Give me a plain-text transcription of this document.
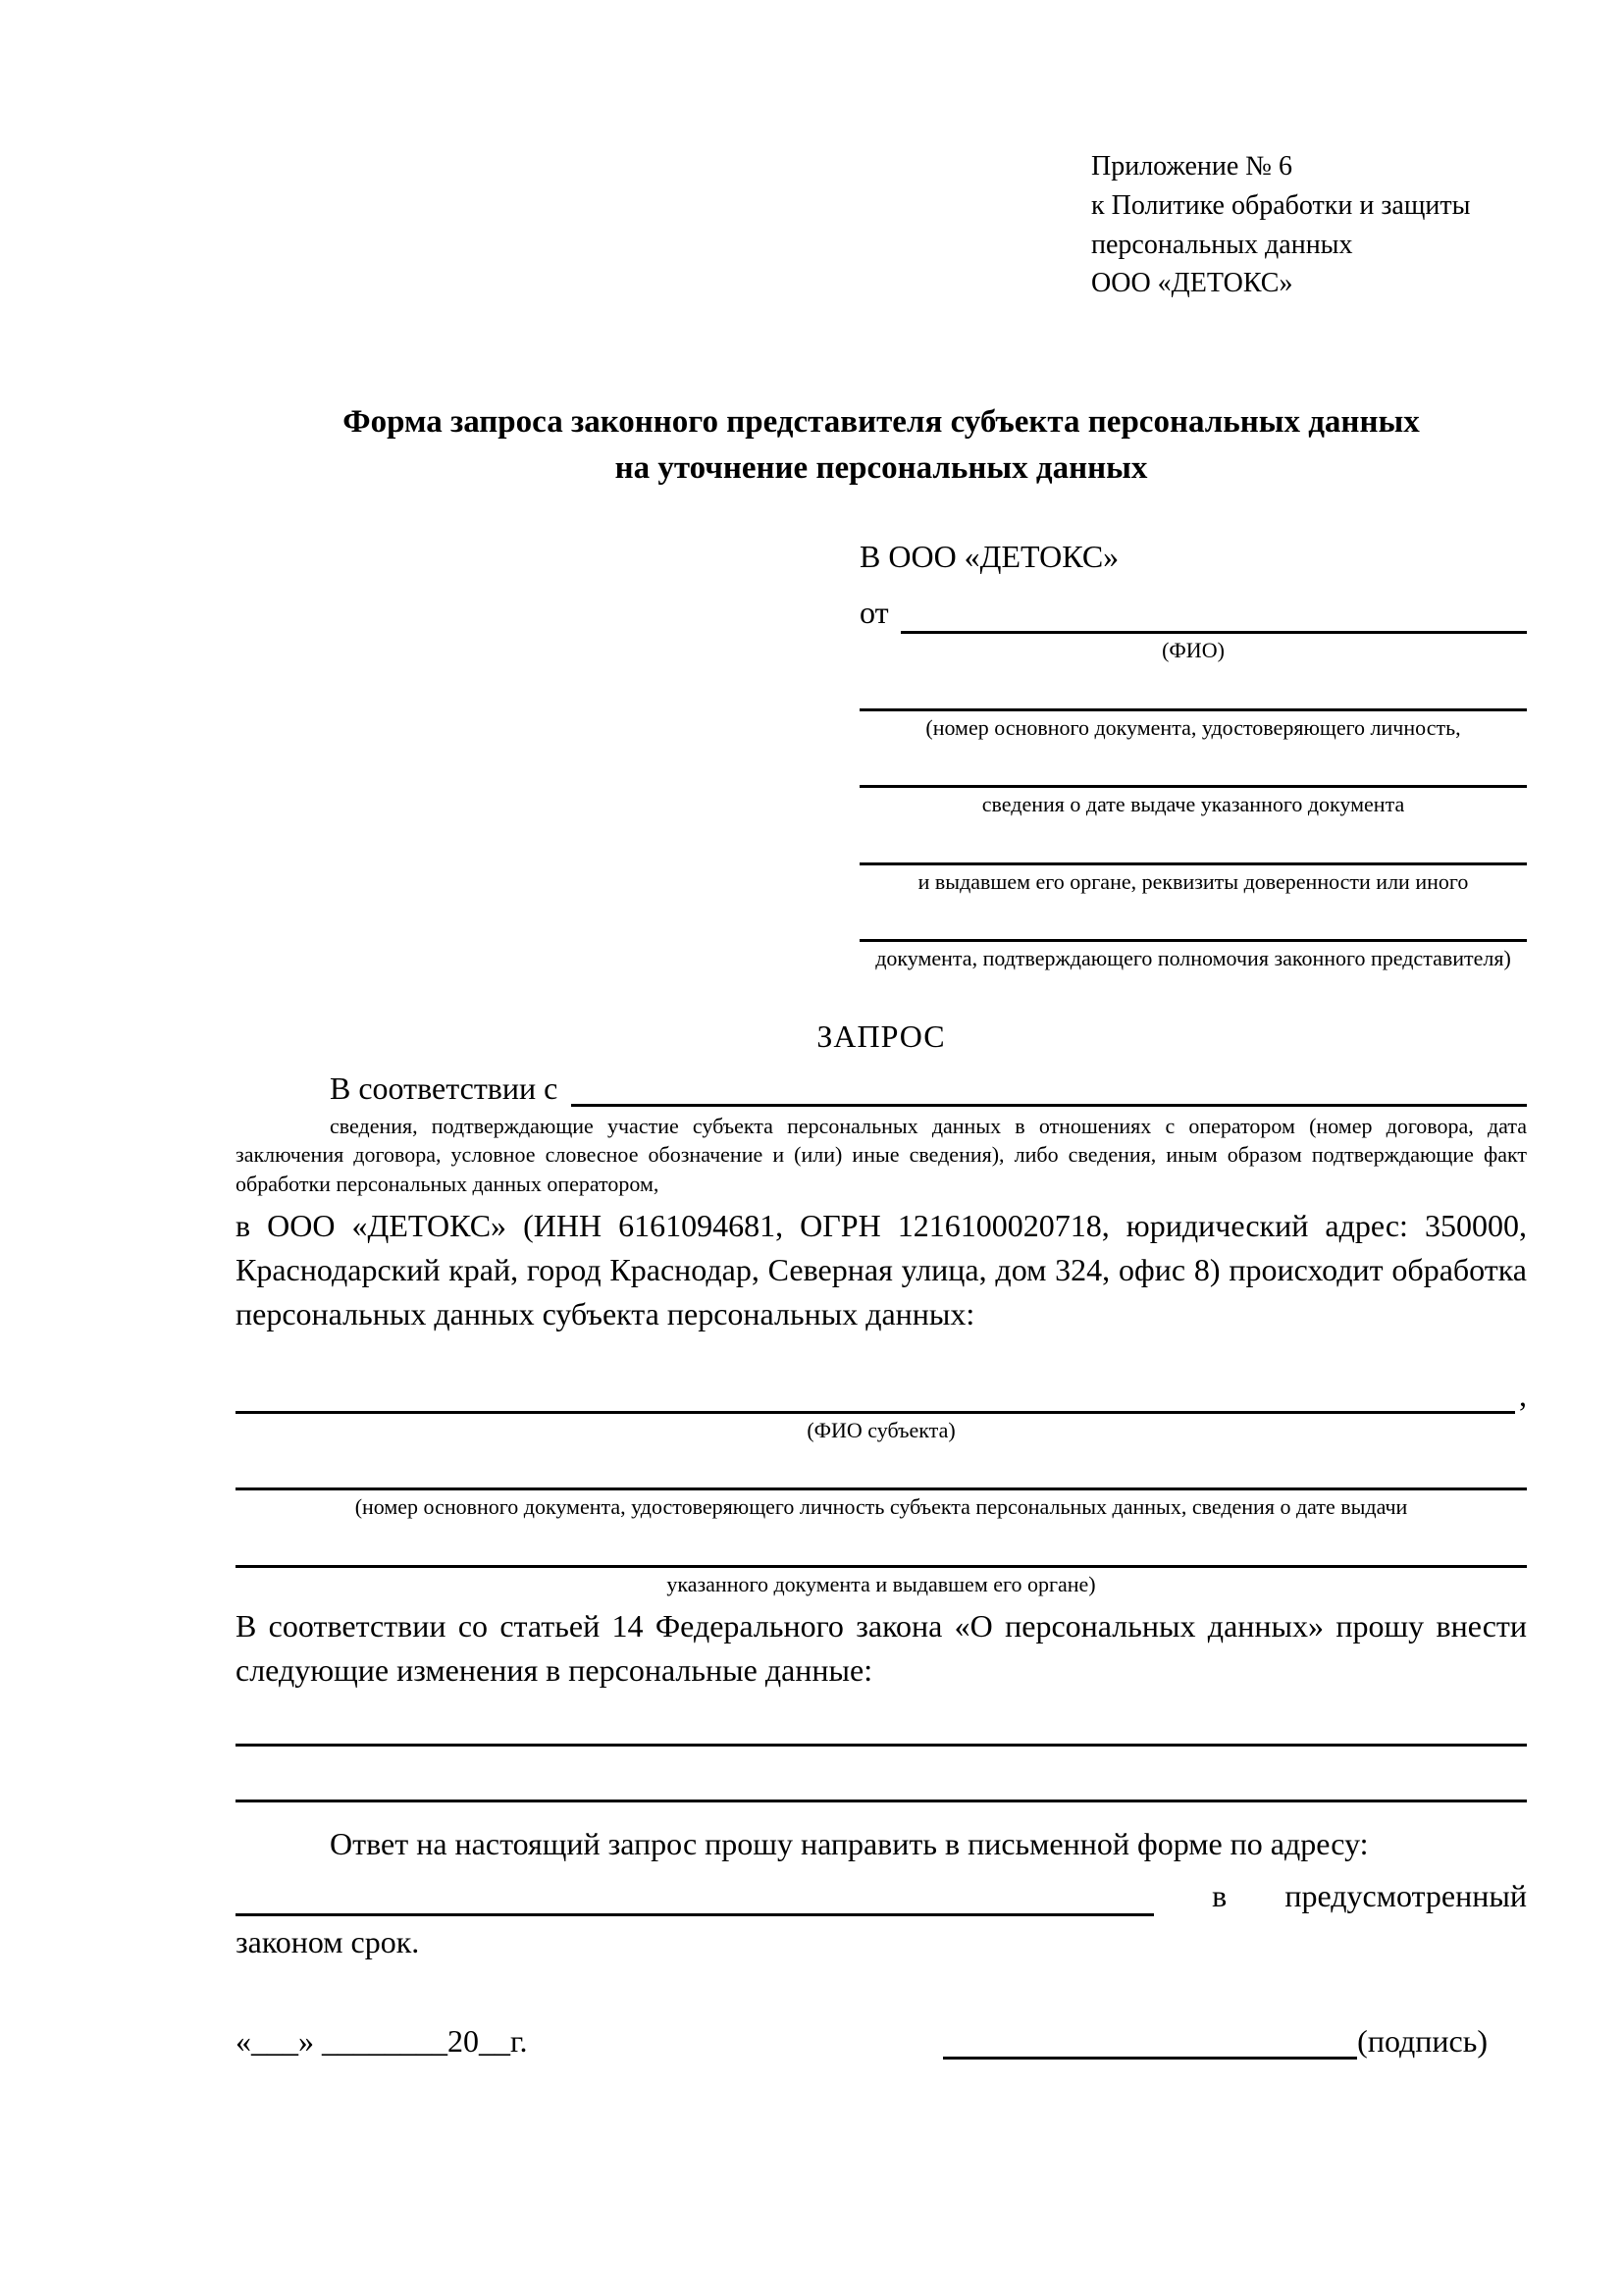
Приложение № 6
к Политике обработки и защиты
персональных данных
ООО «ДЕТОКС»
Форма запроса законного представителя субъекта персональных данных
на уточнение персональных данных
В ООО «ДЕТОКС»
от
(ФИО)
(номер основного документа, удостоверяющего личность,
сведения о дате выдаче указанного документа
и выдавшем его органе, реквизиты доверенности или иного
документа, подтверждающего полномочия законного представителя)
ЗАПРОС
В соответствии с
сведения, подтверждающие участие субъекта персональных данных в отношениях с оператором (номер договора, дата заключения договора, условное словесное обозначение и (или) иные сведения), либо сведения, иным образом подтверждающие факт обработки персональных данных оператором,
в ООО «ДЕТОКС» (ИНН 6161094681, ОГРН 1216100020718, юридический адрес: 350000, Краснодарский край, город Краснодар, Северная улица, дом 324, офис 8) происходит обработка персональных данных субъекта персональных данных:
,
(ФИО субъекта)
(номер основного документа, удостоверяющего личность субъекта персональных данных, сведения о дате выдачи
указанного документа и выдавшем его органе)
В соответствии со статьей 14 Федерального закона «О персональных данных» прошу внести следующие изменения в персональные данные:
Ответ на настоящий запрос прошу направить в письменной форме по адресу:
в предусмотренный
законом срок.
«___» ________20__г.	(подпись)
